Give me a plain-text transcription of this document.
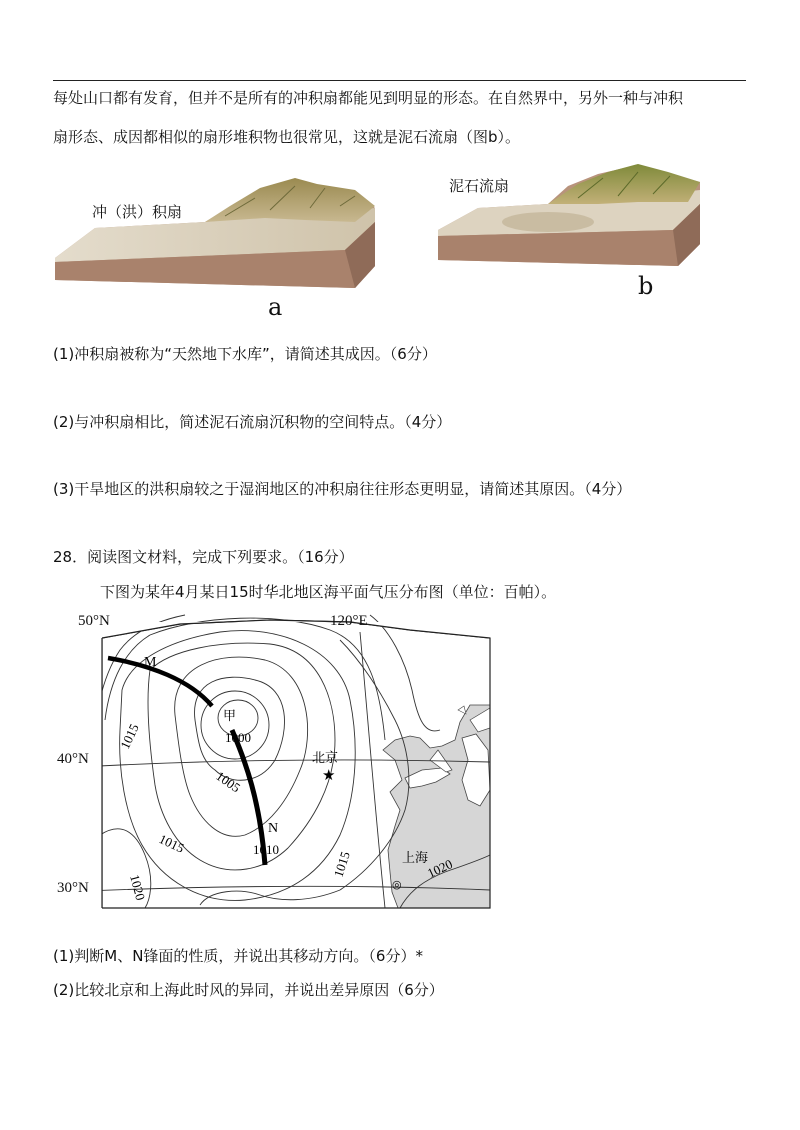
每处山口都有发育，但并不是所有的冲积扇都能见到明显的形态。在自然界中，另外一种与冲积
扇形态、成因都相似的扇形堆积物也很常见，这就是泥石流扇（图b）。
冲（洪）积扇
泥石流扇
a
b
(1)冲积扇被称为“天然地下水库”，请简述其成因。（6分）
(2)与冲积扇相比，简述泥石流扇沉积物的空间特点。（4分）
(3)干旱地区的洪积扇较之于湿润地区的冲积扇往往形态更明显，请简述其原因。（4分）
28．阅读图文材料，完成下列要求。（16分）
下图为某年4月某日15时华北地区海平面气压分布图（单位：百帕）。
M
N
甲
1000
1005
1010
1015
1015
1015
1020
1020
★
北京
上海
◎
50°N	120°E
40°N
30°N
(1)判断M、N锋面的性质，并说出其移动方向。（6分）*
(2)比较北京和上海此时风的异同，并说出差异原因（6分）
